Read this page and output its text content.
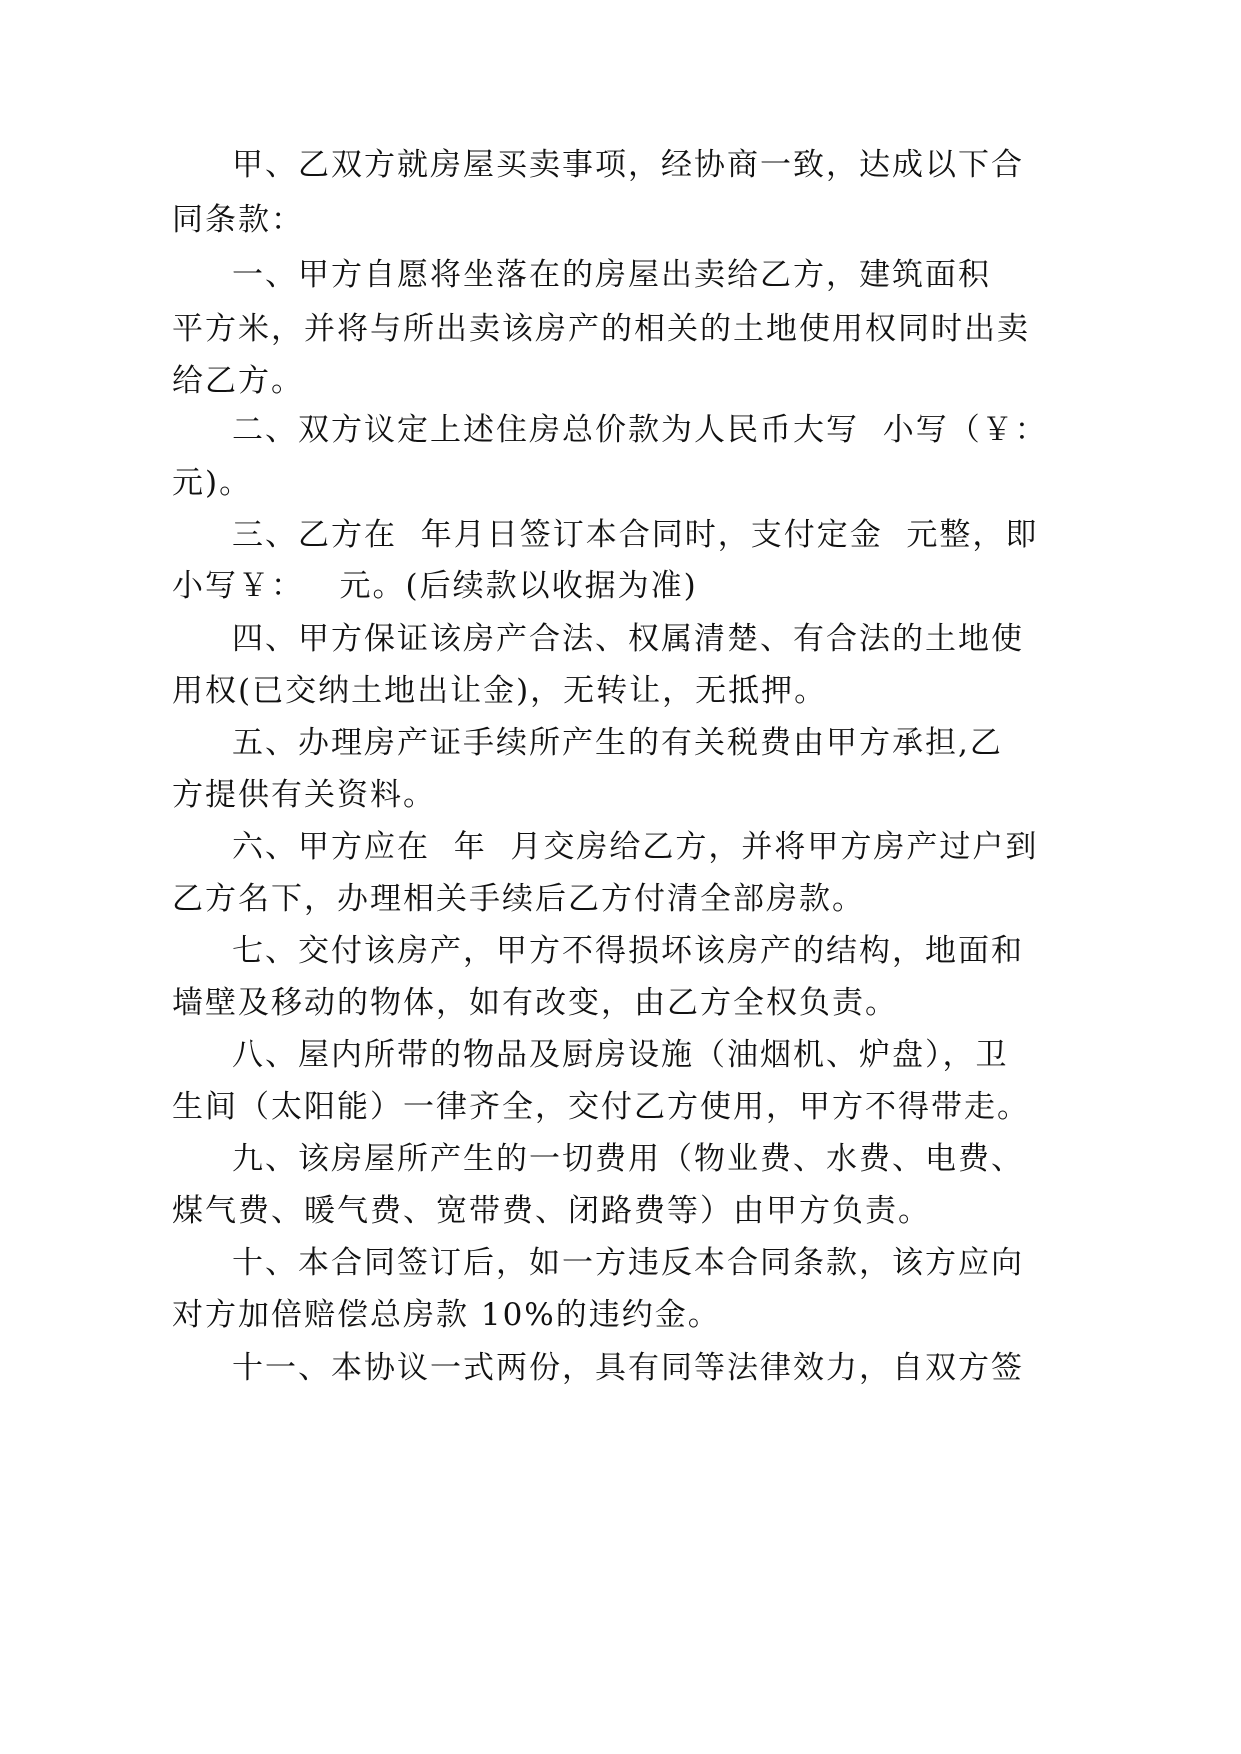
甲、乙双方就房屋买卖事项，经协商一致，达成以下合
同条款：
一、甲方自愿将坐落在的房屋出卖给乙方，建筑面积
平方米，并将与所出卖该房产的相关的土地使用权同时出卖
给乙方。
二、双方议定上述住房总价款为人民币大写  小写（￥：
元)。
三、乙方在  年月日签订本合同时，支付定金  元整，即
小写￥：   元。(后续款以收据为准)
四、甲方保证该房产合法、权属清楚、有合法的土地使
用权(已交纳土地出让金)，无转让，无抵押。
五、办理房产证手续所产生的有关税费由甲方承担,乙
方提供有关资料。
六、甲方应在  年  月交房给乙方，并将甲方房产过户到
乙方名下，办理相关手续后乙方付清全部房款。
七、交付该房产，甲方不得损坏该房产的结构，地面和
墙壁及移动的物体，如有改变，由乙方全权负责。
八、屋内所带的物品及厨房设施（油烟机、炉盘），卫
生间（太阳能）一律齐全，交付乙方使用，甲方不得带走。
九、该房屋所产生的一切费用（物业费、水费、电费、
煤气费、暖气费、宽带费、闭路费等）由甲方负责。
十、本合同签订后，如一方违反本合同条款，该方应向
对方加倍赔偿总房款 10%的违约金。
十一、本协议一式两份，具有同等法律效力，自双方签
